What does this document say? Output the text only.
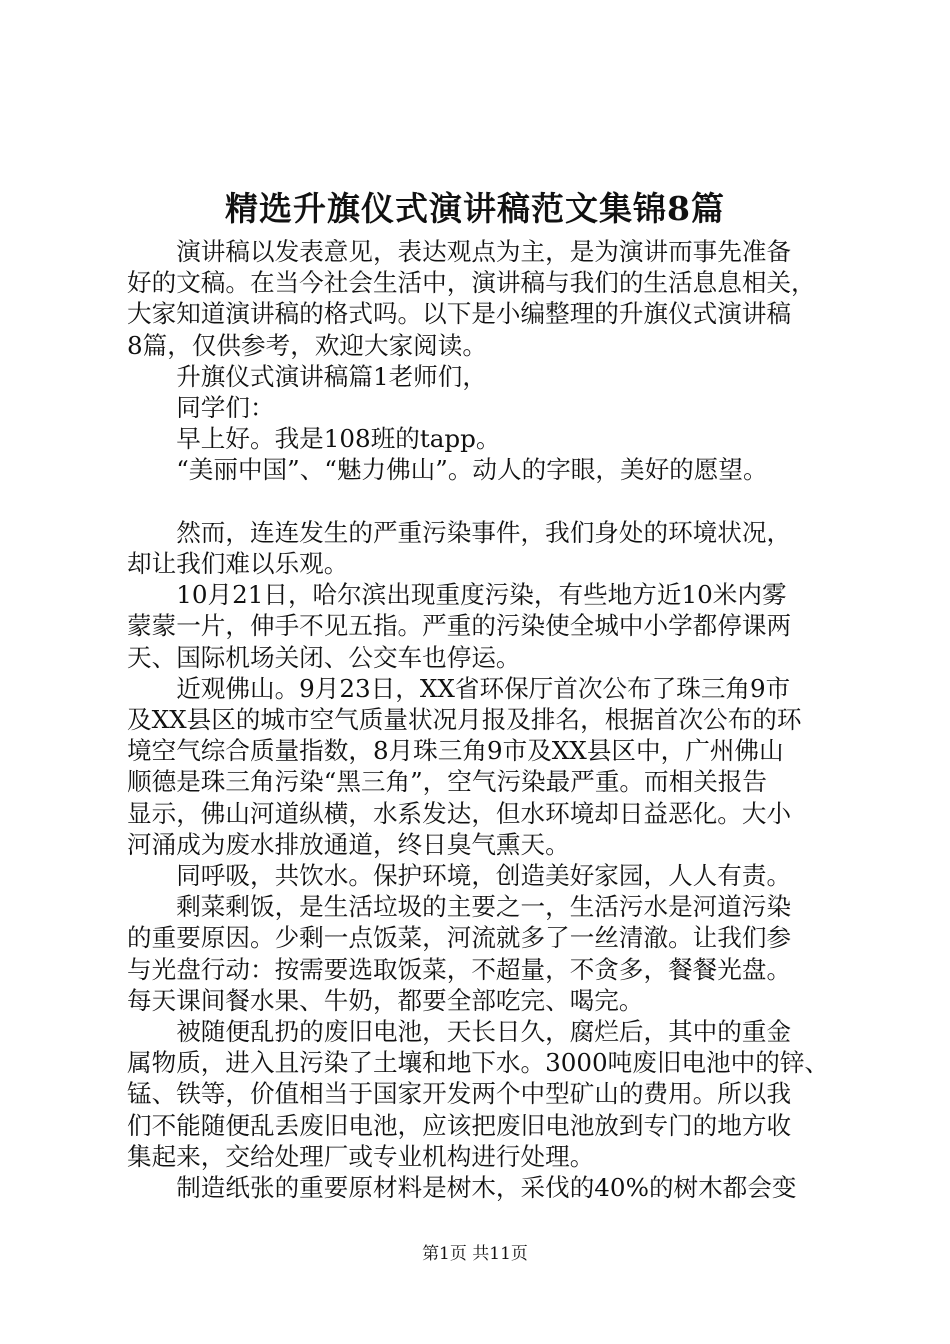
精选升旗仪式演讲稿范文集锦8篇

演讲稿以发表意见，表达观点为主，是为演讲而事先准备
好的文稿。在当今社会生活中，演讲稿与我们的生活息息相关，
大家知道演讲稿的格式吗。以下是小编整理的升旗仪式演讲稿
8篇，仅供参考，欢迎大家阅读。

升旗仪式演讲稿篇1老师们，

同学们：

早上好。我是108班的tapp。

“美丽中国”、“魅力佛山”。动人的字眼，美好的愿望。

然而，连连发生的严重污染事件，我们身处的环境状况，
却让我们难以乐观。

10月21日，哈尔滨出现重度污染，有些地方近10米内雾
蒙蒙一片，伸手不见五指。严重的污染使全城中小学都停课两
天、国际机场关闭、公交车也停运。

近观佛山。9月23日，XX省环保厅首次公布了珠三角9市
及XX县区的城市空气质量状况月报及排名，根据首次公布的环
境空气综合质量指数，8月珠三角9市及XX县区中，广州佛山
顺德是珠三角污染“黑三角”，空气污染最严重。而相关报告
显示，佛山河道纵横，水系发达，但水环境却日益恶化。大小
河涌成为废水排放通道，终日臭气熏天。

同呼吸，共饮水。保护环境，创造美好家园，人人有责。

剩菜剩饭，是生活垃圾的主要之一，生活污水是河道污染
的重要原因。少剩一点饭菜，河流就多了一丝清澈。让我们参
与光盘行动：按需要选取饭菜，不超量，不贪多，餐餐光盘。
每天课间餐水果、牛奶，都要全部吃完、喝完。

被随便乱扔的废旧电池，天长日久，腐烂后，其中的重金
属物质，进入且污染了土壤和地下水。3000吨废旧电池中的锌、
锰、铁等，价值相当于国家开发两个中型矿山的费用。所以我
们不能随便乱丢废旧电池，应该把废旧电池放到专门的地方收
集起来，交给处理厂或专业机构进行处理。

制造纸张的重要原材料是树木，采伐的40%的树木都会变

第1页 共11页
